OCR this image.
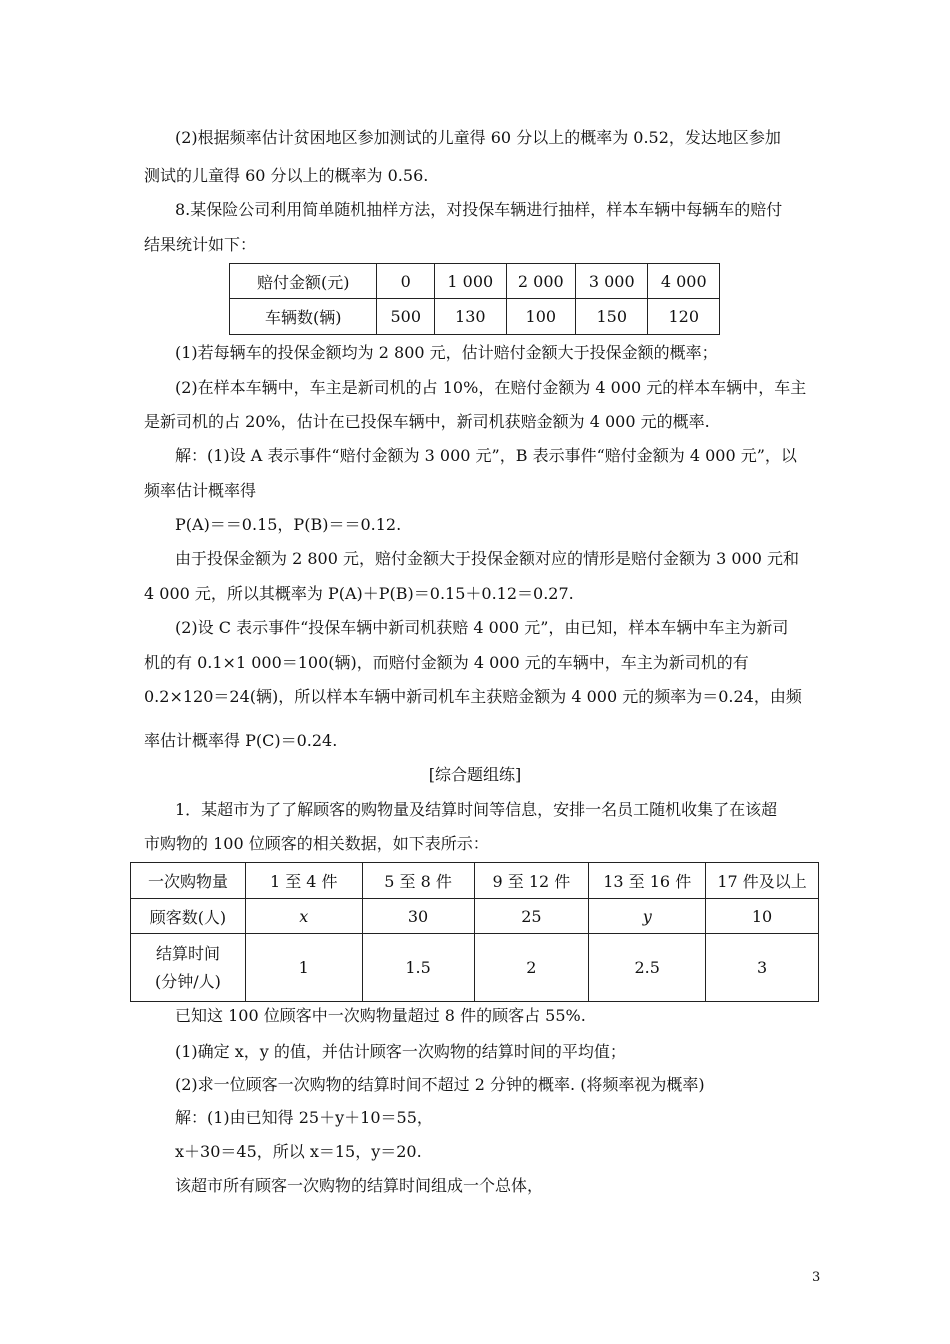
(2)根据频率估计贫困地区参加测试的儿童得 60 分以上的概率为 0.52，发达地区参加
测试的儿童得 60 分以上的概率为 0.56.
8.某保险公司利用简单随机抽样方法，对投保车辆进行抽样，样本车辆中每辆车的赔付
结果统计如下：
赔付金额(元)	0	1 000	2 000	3 000	4 000
车辆数(辆)	500	130	100	150	120
(1)若每辆车的投保金额均为 2 800 元，估计赔付金额大于投保金额的概率；
(2)在样本车辆中，车主是新司机的占 10%，在赔付金额为 4 000 元的样本车辆中，车主
是新司机的占 20%，估计在已投保车辆中，新司机获赔金额为 4 000 元的概率.
解：(1)设 A 表示事件“赔付金额为 3 000 元”，B 表示事件“赔付金额为 4 000 元”，以
频率估计概率得
P(A)＝＝0.15，P(B)＝＝0.12.
由于投保金额为 2 800 元，赔付金额大于投保金额对应的情形是赔付金额为 3 000 元和
4 000 元，所以其概率为 P(A)＋P(B)＝0.15＋0.12＝0.27.
(2)设 C 表示事件“投保车辆中新司机获赔 4 000 元”，由已知，样本车辆中车主为新司
机的有 0.1×1 000＝100(辆)，而赔付金额为 4 000 元的车辆中，车主为新司机的有
0.2×120＝24(辆)，所以样本车辆中新司机车主获赔金额为 4 000 元的频率为＝0.24，由频
率估计概率得 P(C)＝0.24.
[综合题组练]
1．某超市为了了解顾客的购物量及结算时间等信息，安排一名员工随机收集了在该超
市购物的 100 位顾客的相关数据，如下表所示：
一次购物量	1 至 4 件	5 至 8 件	9 至 12 件	13 至 16 件	17 件及以上
顾客数(人)	x	30	25	y	10
结算时间
(分钟/人)	1	1.5	2	2.5	3
已知这 100 位顾客中一次购物量超过 8 件的顾客占 55%.
(1)确定 x，y 的值，并估计顾客一次购物的结算时间的平均值；
(2)求一位顾客一次购物的结算时间不超过 2 分钟的概率. (将频率视为概率)
解：(1)由已知得 25＋y＋10＝55，
x＋30＝45，所以 x＝15，y＝20.
该超市所有顾客一次购物的结算时间组成一个总体，
3
